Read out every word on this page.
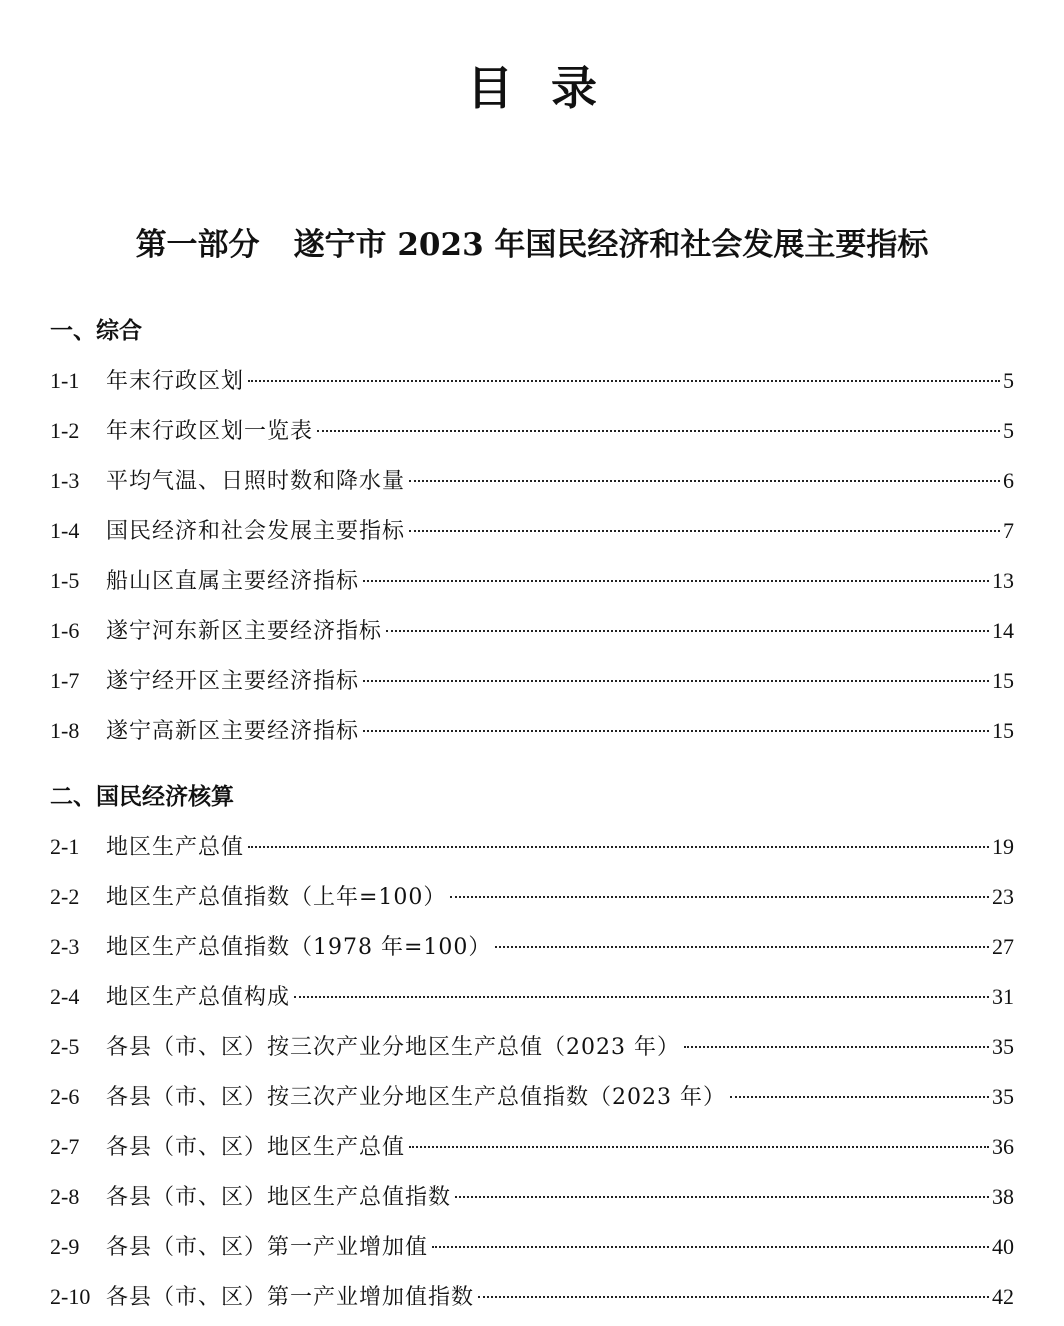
目录
第一部分 遂宁市 2023 年国民经济和社会发展主要指标
一、综合
1-1	年末行政区划	5
1-2	年末行政区划一览表	5
1-3	平均气温、日照时数和降水量	6
1-4	国民经济和社会发展主要指标	7
1-5	船山区直属主要经济指标	13
1-6	遂宁河东新区主要经济指标	14
1-7	遂宁经开区主要经济指标	15
1-8	遂宁高新区主要经济指标	15
二、国民经济核算
2-1	地区生产总值	19
2-2	地区生产总值指数（上年=100）	23
2-3	地区生产总值指数（1978 年=100）	27
2-4	地区生产总值构成	31
2-5	各县（市、区）按三次产业分地区生产总值（2023 年）	35
2-6	各县（市、区）按三次产业分地区生产总值指数（2023 年）	35
2-7	各县（市、区）地区生产总值	36
2-8	各县（市、区）地区生产总值指数	38
2-9	各县（市、区）第一产业增加值	40
2-10 各县（市、区）第一产业增加值指数	42
